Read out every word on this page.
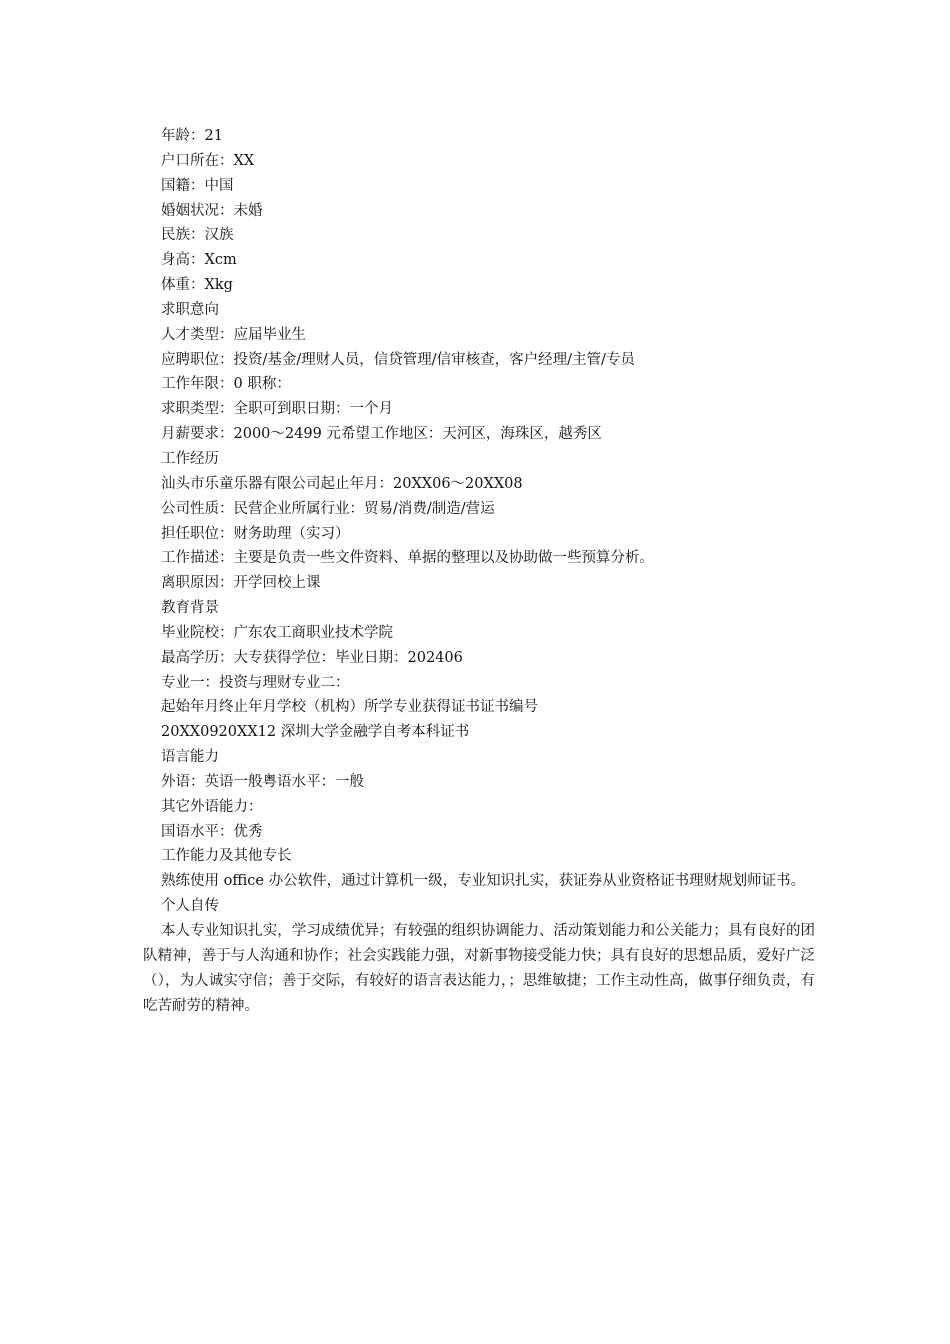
年龄：21
户口所在：XX
国籍：中国
婚姻状况：未婚
民族：汉族
身高：Xcm
体重：Xkg
求职意向
人才类型：应届毕业生
应聘职位：投资/基金/理财人员，信贷管理/信审核查，客户经理/主管/专员
工作年限：0 职称：
求职类型：全职可到职日期：一个月
月薪要求：2000～2499 元希望工作地区：天河区，海珠区，越秀区
工作经历
汕头市乐童乐器有限公司起止年月：20XX06～20XX08
公司性质：民营企业所属行业：贸易/消费/制造/营运
担任职位：财务助理（实习）
工作描述：主要是负责一些文件资料、单据的整理以及协助做一些预算分析。
离职原因：开学回校上课
教育背景
毕业院校：广东农工商职业技术学院
最高学历：大专获得学位：毕业日期：202406
专业一：投资与理财专业二：
起始年月终止年月学校（机构）所学专业获得证书证书编号
20XX0920XX12 深圳大学金融学自考本科证书
语言能力
外语：英语一般粤语水平：一般
其它外语能力：
国语水平：优秀
工作能力及其他专长

熟练使用 office 办公软件，通过计算机一级，专业知识扎实，获证券从业资格证书理财规划师证书。

个人自传

本人专业知识扎实，学习成绩优异；有较强的组织协调能力、活动策划能力和公关能力；具有良好的团队精神，善于与人沟通和协作；社会实践能力强，对新事物接受能力快；具有良好的思想品质，爱好广泛（），为人诚实守信；善于交际，有较好的语言表达能力，；思维敏捷；工作主动性高，做事仔细负责，有吃苦耐劳的精神。
